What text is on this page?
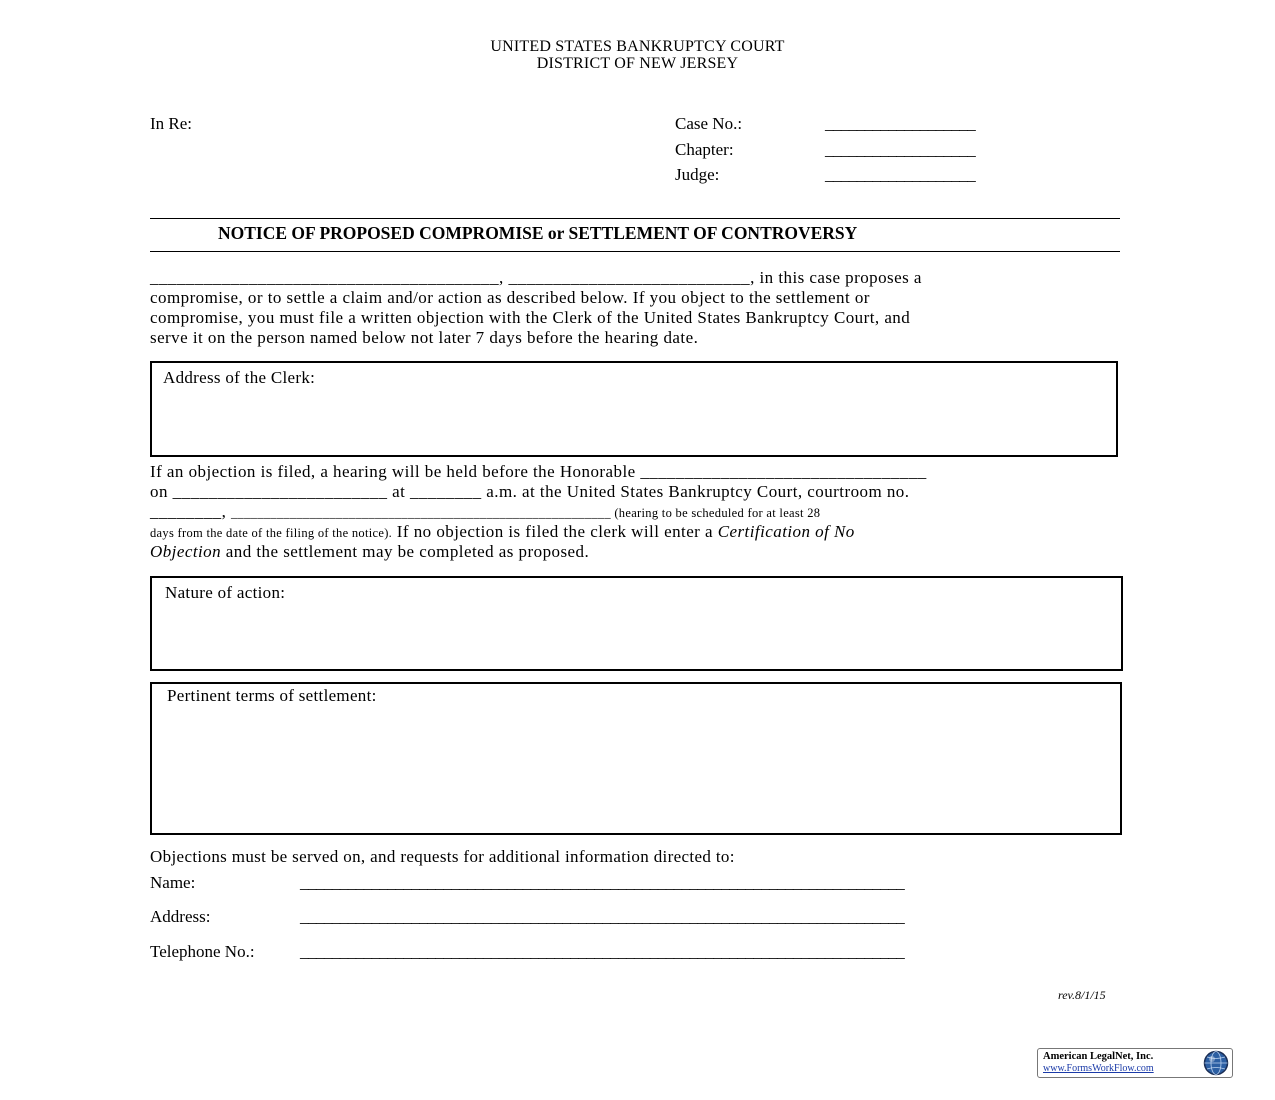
UNITED STATES BANKRUPTCY COURT
DISTRICT OF NEW JERSEY
In Re:	Case No.:	___________________
Chapter:	___________________
Judge:	___________________
NOTICE OF PROPOSED COMPROMISE or SETTLEMENT OF CONTROVERSY
_______________________________________, ___________________________, in this case proposes a
compromise, or to settle a claim and/or action as described below. If you object to the settlement or
compromise, you must file a written objection with the Clerk of the United States Bankruptcy Court, and
serve it on the person named below not later 7 days before the hearing date.
Address of the Clerk:
If an objection is filed, a hearing will be held before the Honorable ________________________________
on ________________________ at ________ a.m. at the United States Bankruptcy Court, courtroom no.
________, __________________________________________________________ (hearing to be scheduled for at least 28
days from the date of the filing of the notice). If no objection is filed the clerk will enter a Certification of No
Objection and the settlement may be completed as proposed.
Nature of action:
Pertinent terms of settlement:
Objections must be served on, and requests for additional information directed to:
Name:	____________________________________________________________________________
Address:	____________________________________________________________________________
Telephone No.:	____________________________________________________________________________
rev.8/1/15
American LegalNet, Inc.
www.FormsWorkFlow.com
